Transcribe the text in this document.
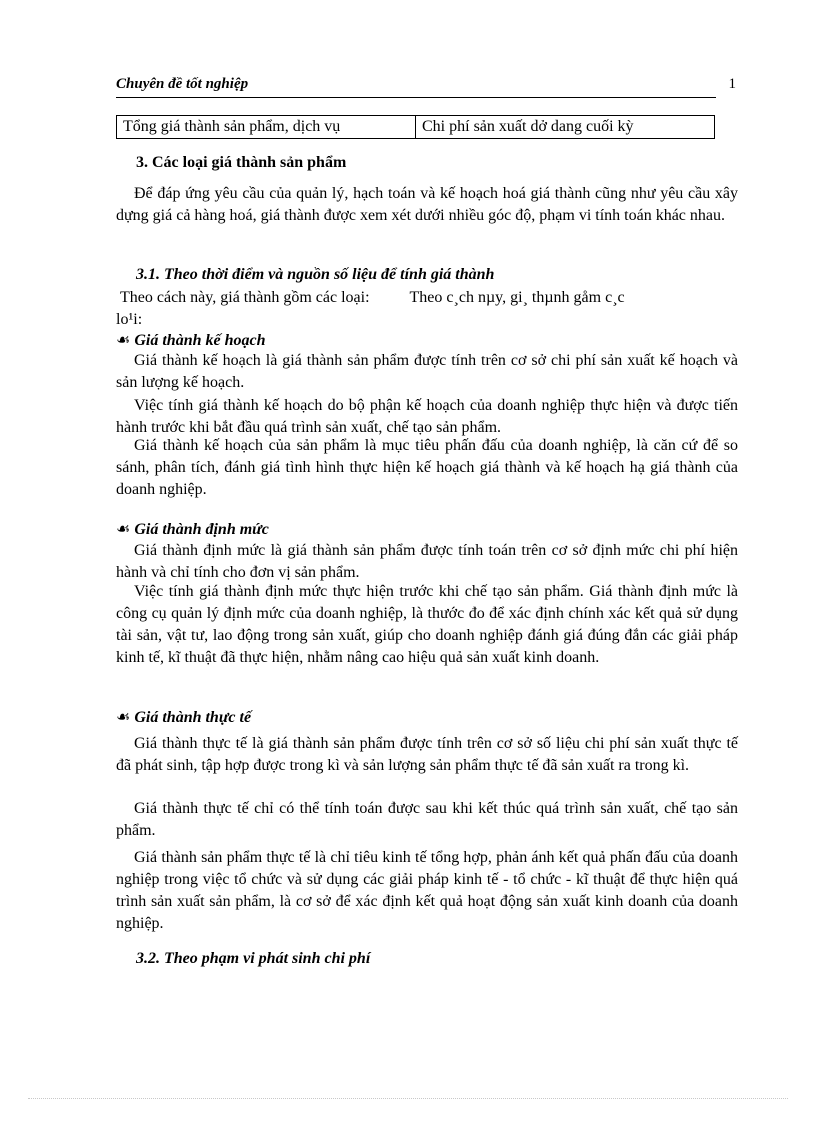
Chuyên đề tốt nghiệp	1
Tổng giá thành sản phẩm, dịch vụ	Chi phí sản xuất dở dang cuối kỳ
3. Các loại giá thành sản phẩm
Để đáp ứng yêu cầu của quản lý, hạch toán và kế hoạch hoá giá thành cũng như yêu cầu xây dựng giá cả hàng hoá, giá thành được xem xét dưới nhiều góc độ, phạm vi tính toán khác nhau.
3.1. Theo thời điểm và nguồn số liệu để tính giá thành
Theo cách này, giá thành gồm các loại:	Theo c¸ch nµy, gi¸ thµnh gåm c¸c
lo¹i:
☙ Giá thành kế hoạch
Giá thành kế hoạch là giá thành sản phẩm được tính trên cơ sở chi phí sản xuất kế hoạch và sản lượng kế hoạch.
Việc tính giá thành kế hoạch do bộ phận kế hoạch của doanh nghiệp thực hiện và được tiến hành trước khi bắt đầu quá trình sản xuất, chế tạo sản phẩm.
Giá thành kế hoạch của sản phẩm là mục tiêu phấn đấu của doanh nghiệp, là căn cứ để so sánh, phân tích, đánh giá tình hình thực hiện kế hoạch giá thành và kế hoạch hạ giá thành của doanh nghiệp.
☙ Giá thành định mức
Giá thành định mức là giá thành sản phẩm được tính toán trên cơ sở định mức chi phí hiện hành và chỉ tính cho đơn vị sản phẩm.
Việc tính giá thành định mức thực hiện trước khi chế tạo sản phẩm. Giá thành định mức là công cụ quản lý định mức của doanh nghiệp, là thước đo để xác định chính xác kết quả sử dụng tài sản, vật tư, lao động trong sản xuất, giúp cho doanh nghiệp đánh giá đúng đắn các giải pháp kinh tế, kĩ thuật đã thực hiện, nhằm nâng cao hiệu quả sản xuất kinh doanh.
☙ Giá thành thực tế
Giá thành thực tế là giá thành sản phẩm được tính trên cơ sở số liệu chi phí sản xuất thực tế đã phát sinh, tập hợp được trong kì và sản lượng sản phẩm thực tế đã sản xuất ra trong kì.
Giá thành thực tế chỉ có thể tính toán được sau khi kết thúc quá trình sản xuất, chế tạo sản phẩm.
Giá thành sản phẩm thực tế là chỉ tiêu kinh tế tổng hợp, phản ánh kết quả phấn đấu của doanh nghiệp trong việc tổ chức và sử dụng các giải pháp kinh tế - tổ chức - kĩ thuật để thực hiện quá trình sản xuất sản phẩm, là cơ sở để xác định kết quả hoạt động sản xuất kinh doanh của doanh nghiệp.
3.2. Theo phạm vi phát sinh chi phí
